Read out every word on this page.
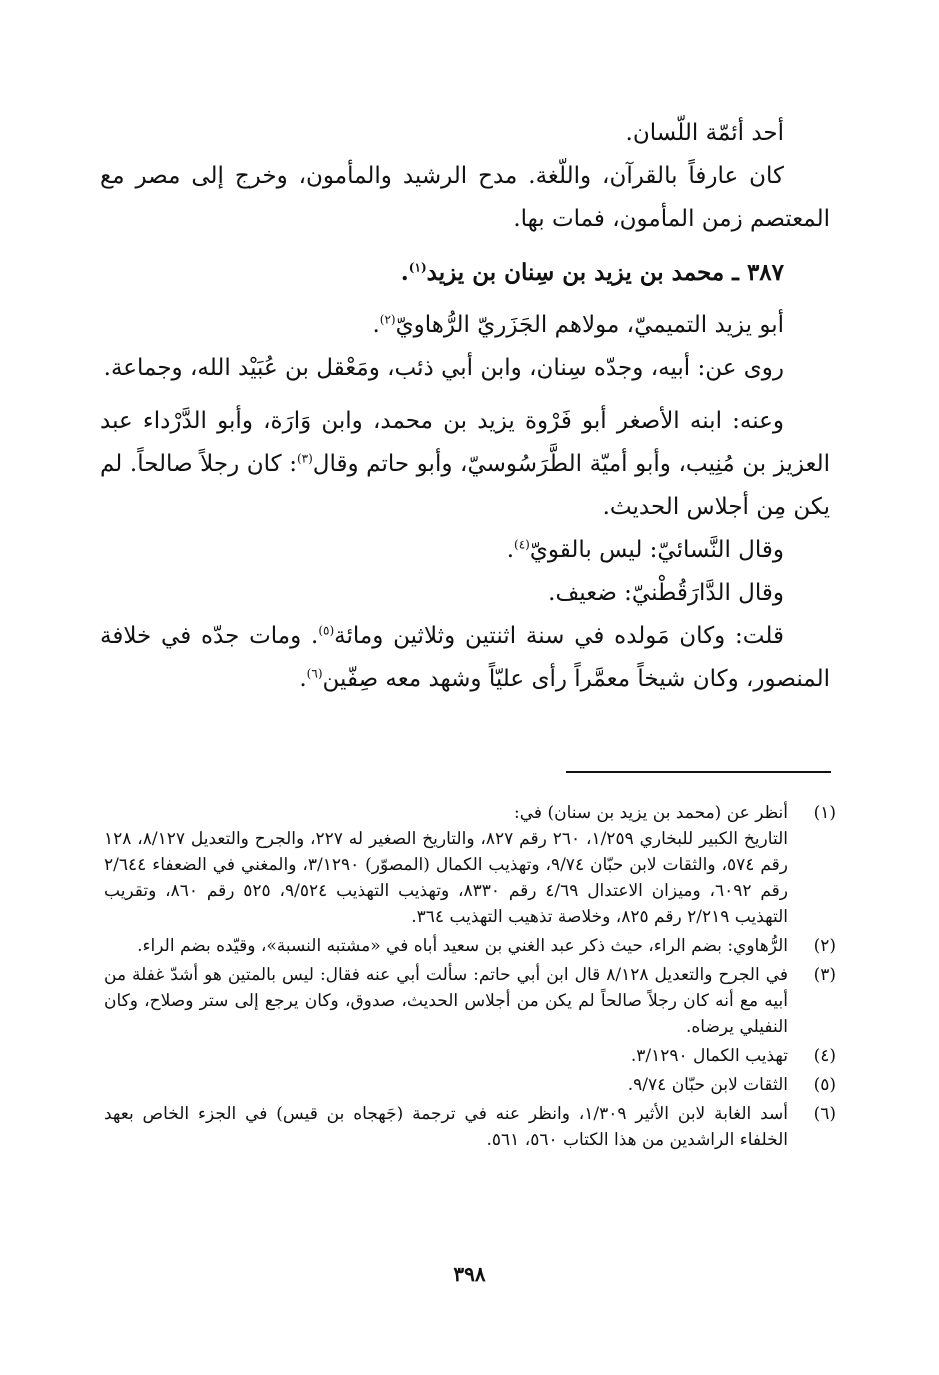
أحد أئمّة اللّسان.

كان عارفاً بالقرآن، واللّغة. مدح الرشيد والمأمون، وخرج إلى مصر مع المعتصم زمن المأمون، فمات بها.

٣٨٧ ـ محمد بن يزيد بن سِنان بن يزيد$^{(١)}$.

أبو يزيد التميميّ، مولاهم الجَزَريّ الرُّهاويّ$^{(٢)}$.

روى عن: أبيه، وجدّه سِنان، وابن أبي ذئب، ومَعْقل بن عُبَيْد الله، وجماعة.

وعنه: ابنه الأصغر أبو فَرْوة يزيد بن محمد، وابن وَارَة، وأبو الدَّرْداء عبد العزيز بن مُنِيب، وأبو أميّة الطَّرَسُوسيّ، وأبو حاتم وقال$^{(٣)}$: كان رجلاً صالحاً. لم يكن مِن أجلاس الحديث.

وقال النَّسائيّ: ليس بالقويّ$^{(٤)}$.

وقال الدَّارَقُطْنيّ: ضعيف.

قلت: وكان مَولده في سنة اثنتين وثلاثين ومائة$^{(٥)}$. ومات جدّه في خلافة المنصور، وكان شيخاً معمَّراً رأى عليّاً وشهد معه صِفّين$^{(٦)}$.

(١)

أنظر عن (محمد بن يزيد بن سنان) في:

التاريخ الكبير للبخاري ١/٢٥٩، ٢٦٠ رقم ٨٢٧، والتاريخ الصغير له ٢٢٧، والجرح والتعديل ٨/١٢٧، ١٢٨ رقم ٥٧٤، والثقات لابن حبّان ٩/٧٤، وتهذيب الكمال (المصوّر) ٣/١٢٩٠، والمغني في الضعفاء ٢/٦٤٤ رقم ٦٠٩٢، وميزان الاعتدال ٤/٦٩ رقم ٨٣٣٠، وتهذيب التهذيب ٩/٥٢٤، ٥٢٥ رقم ٨٦٠، وتقريب التهذيب ٢/٢١٩ رقم ٨٢٥، وخلاصة تذهيب التهذيب ٣٦٤.

(٢)

الرُّهاوي: بضم الراء، حيث ذكر عبد الغني بن سعيد أباه في «مشتبه النسبة»، وقيّده بضم الراء.

(٣)

في الجرح والتعديل ٨/١٢٨ قال ابن أبي حاتم: سألت أبي عنه فقال: ليس بالمتين هو أشدّ غفلة من أبيه مع أنه كان رجلاً صالحاً لم يكن من أجلاس الحديث، صدوق، وكان يرجع إلى ستر وصلاح، وكان النفيلي يرضاه.

(٤)

تهذيب الكمال ٣/١٢٩٠.

(٥)

الثقات لابن حبّان ٩/٧٤.

(٦)

أسد الغابة لابن الأثير ١/٣٠٩، وانظر عنه في ترجمة (جَهجاه بن قيس) في الجزء الخاص بعهد الخلفاء الراشدين من هذا الكتاب ٥٦٠، ٥٦١.

٣٩٨
